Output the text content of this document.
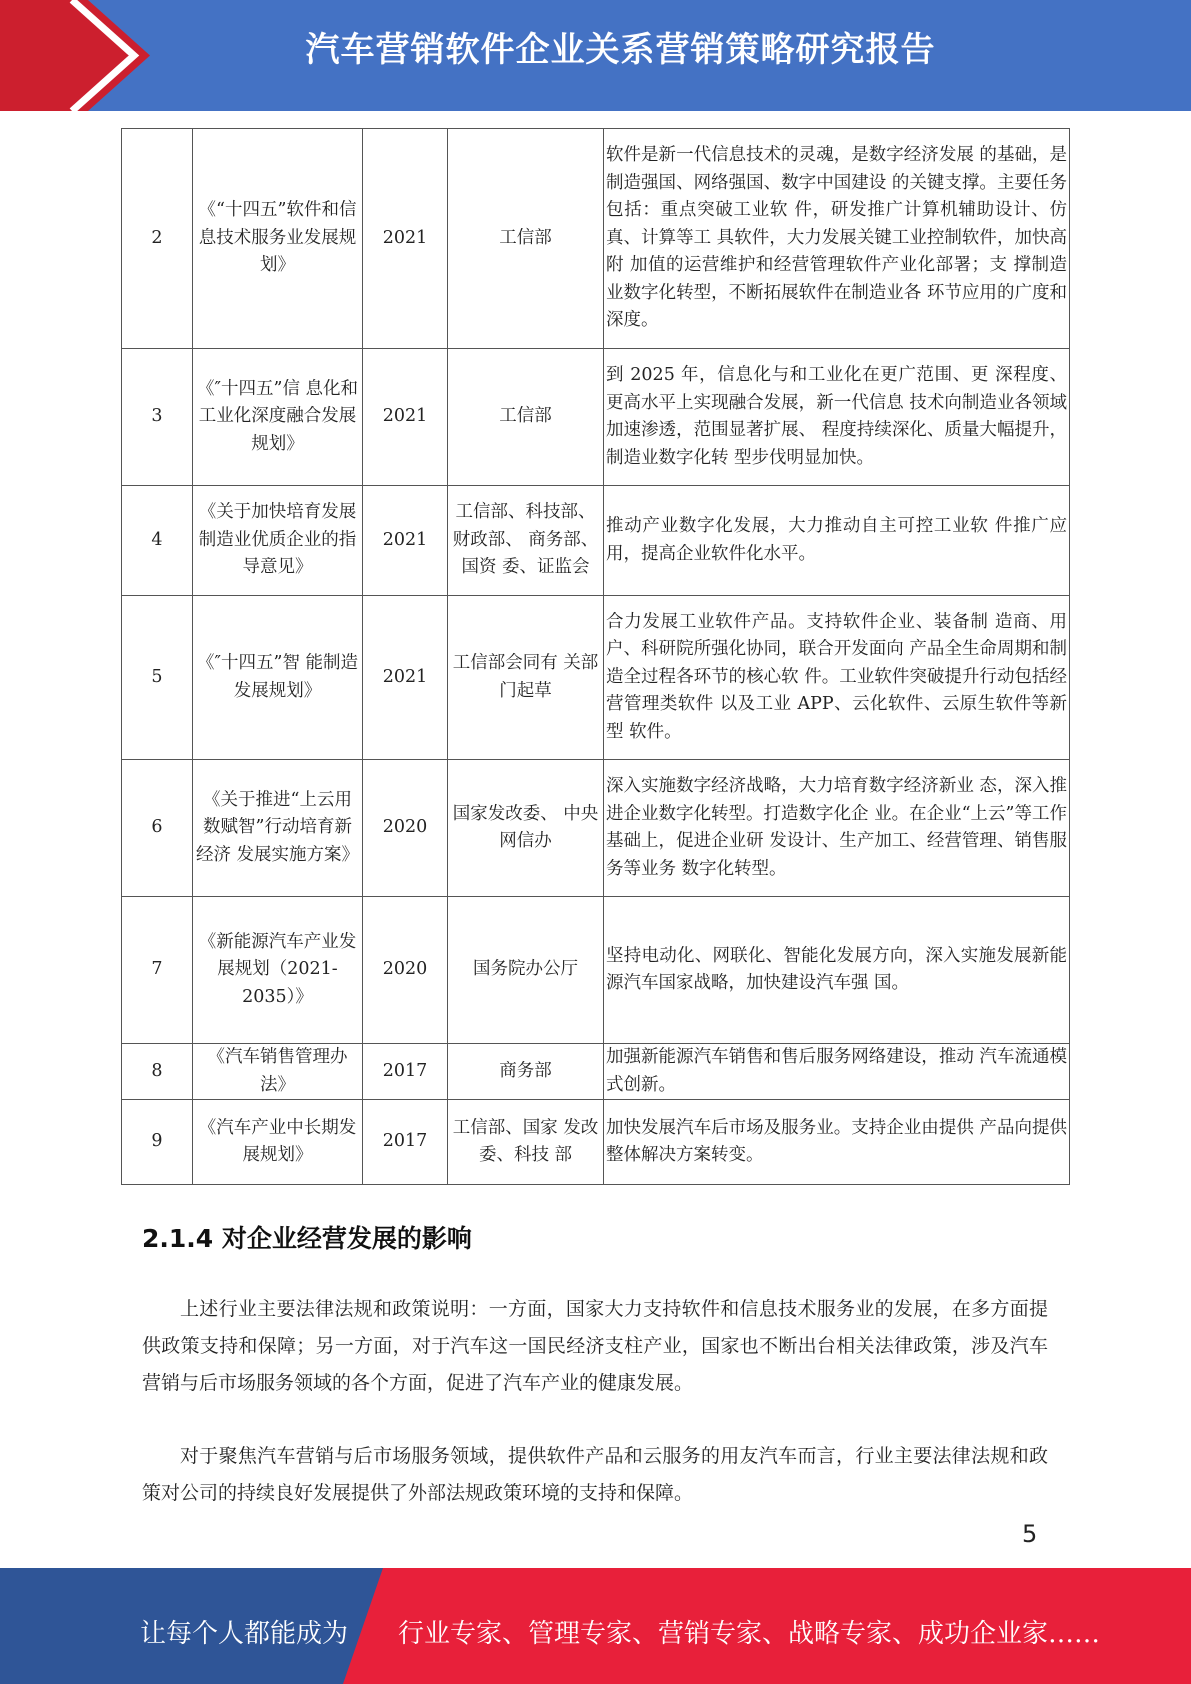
汽车营销软件企业关系营销策略研究报告
2	《“十四五”软件和信息技术服务业发展规划》	2021	工信部	软件是新一代信息技术的灵魂，是数字经济发展 的基础，是制造强国、网络强国、数字中国建设 的关键支撑。主要任务包括：重点突破工业软 件，研发推广计算机辅助设计、仿真、计算等工 具软件，大力发展关键工业控制软件，加快高附 加值的运营维护和经营管理软件产业化部署；支 撑制造业数字化转型，不断拓展软件在制造业各 环节应用的广度和深度。
3	《″十四五”信 息化和工业化深度融合发展规划》	2021	工信部	到 2025 年，信息化与和工业化在更广范围、更 深程度、更高水平上实现融合发展，新一代信息 技术向制造业各领域加速渗透，范围显著扩展、 程度持续深化、质量大幅提升，制造业数字化转 型步伐明显加快。
4	《关于加快培育发展制造业优质企业的指导意见》	2021	工信部、科技部、财政部、 商务部、国资 委、证监会	推动产业数字化发展，大力推动自主可控工业软 件推广应用，提高企业软件化水平。
5	《″十四五”智 能制造发展规划》	2021	工信部会同有 关部门起草	合力发展工业软件产品。支持软件企业、装备制 造商、用户、科研院所强化协同，联合开发面向 产品全生命周期和制造全过程各环节的核心软 件。工业软件突破提升行动包括经营管理类软件 以及工业 APP、云化软件、云原生软件等新型 软件。
6	《关于推进“上云用数赋智”行动培育新经济 发展实施方案》	2020	国家发改委、 中央网信办	深入实施数字经济战略，大力培育数字经济新业 态，深入推进企业数字化转型。打造数字化企 业。在企业“上云”等工作基础上，促进企业研 发设计、生产加工、经营管理、销售服务等业务 数字化转型。
7	《新能源汽车产业发展规划（2021-2035）》	2020	国务院办公厅	坚持电动化、网联化、智能化发展方向，深入实施发展新能源汽车国家战略，加快建设汽车强 国。
8	《汽车销售管理办法》	2017	商务部	加强新能源汽车销售和售后服务网络建设，推动 汽车流通模式创新。
9	《汽车产业中长期发展规划》	2017	工信部、国家 发改委、科技 部	加快发展汽车后市场及服务业。支持企业由提供 产品向提供整体解决方案转变。
2.1.4 对企业经营发展的影响

上述行业主要法律法规和政策说明：一方面，国家大力支持软件和信息技术服务业的发展，在多方面提供政策支持和保障；另一方面，对于汽车这一国民经济支柱产业，国家也不断出台相关法律政策，涉及汽车营销与后市场服务领域的各个方面，促进了汽车产业的健康发展。

对于聚焦汽车营销与后市场服务领域，提供软件产品和云服务的用友汽车而言，行业主要法律法规和政策对公司的持续良好发展提供了外部法规政策环境的支持和保障。

5
让每个人都能成为 行业专家、管理专家、营销专家、战略专家、成功企业家……
